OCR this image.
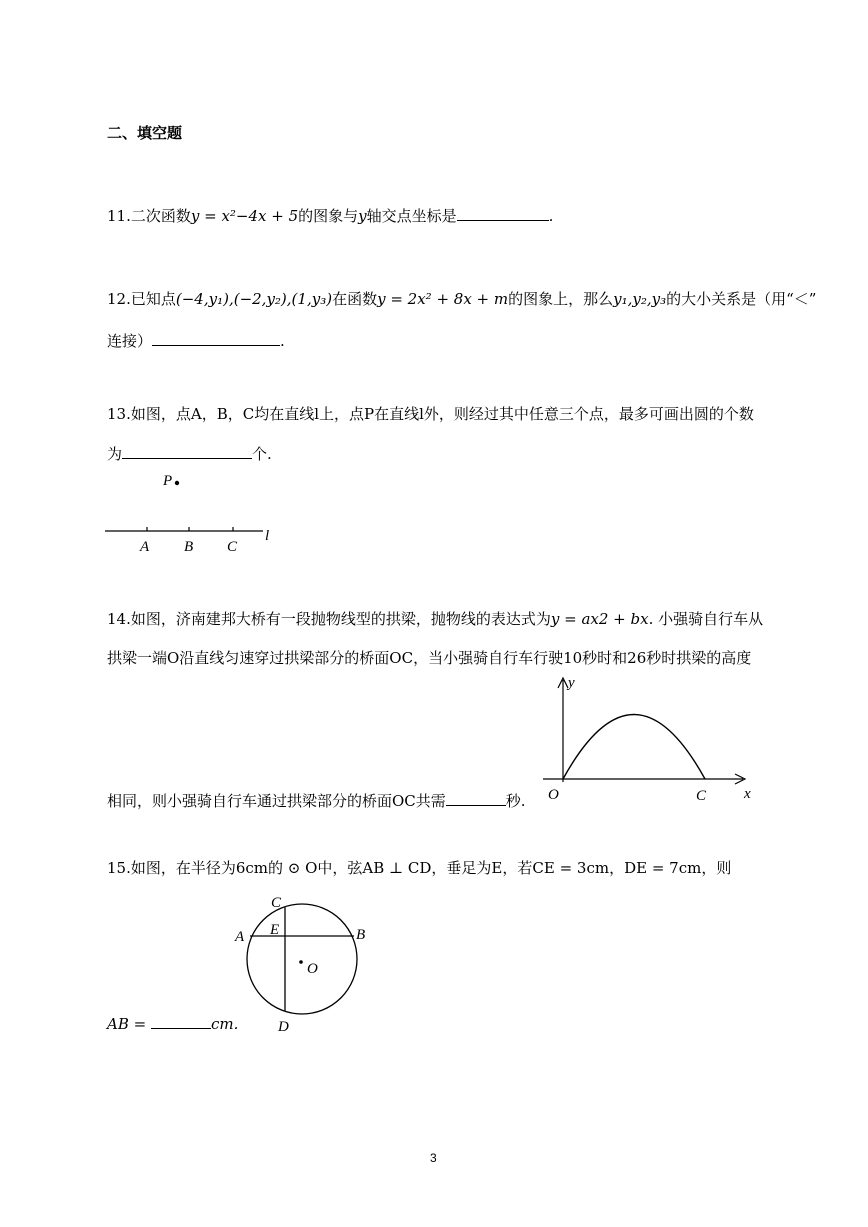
二、填空题
11.二次函数y = x²−4x + 5的图象与y轴交点坐标是	.
12.已知点(−4,y₁),(−2,y₂),(1,y₃)在函数y = 2x² + 8x + m的图象上，那么y₁,y₂,y₃的大小关系是（用“＜”
连接）	.
13.如图，点A，B，C均在直线l上，点P在直线l外，则经过其中任意三个点，最多可画出圆的个数
为	个.
P
A B C
l
14.如图，济南建邦大桥有一段抛物线型的拱梁，抛物线的表达式为y = ax2 + bx. 小强骑自行车从
拱梁一端O沿直线匀速穿过拱梁部分的桥面OC，当小强骑自行车行驶10秒时和26秒时拱梁的高度
相同，则小强骑自行车通过拱梁部分的桥面OC共需	秒.
y
x
O	C
15.如图，在半径为6cm的 ⊙ O中，弦AB ⊥ CD，垂足为E，若CE = 3cm，DE = 7cm，则
AB =	cm.
A	B
C
D
E
O
3
